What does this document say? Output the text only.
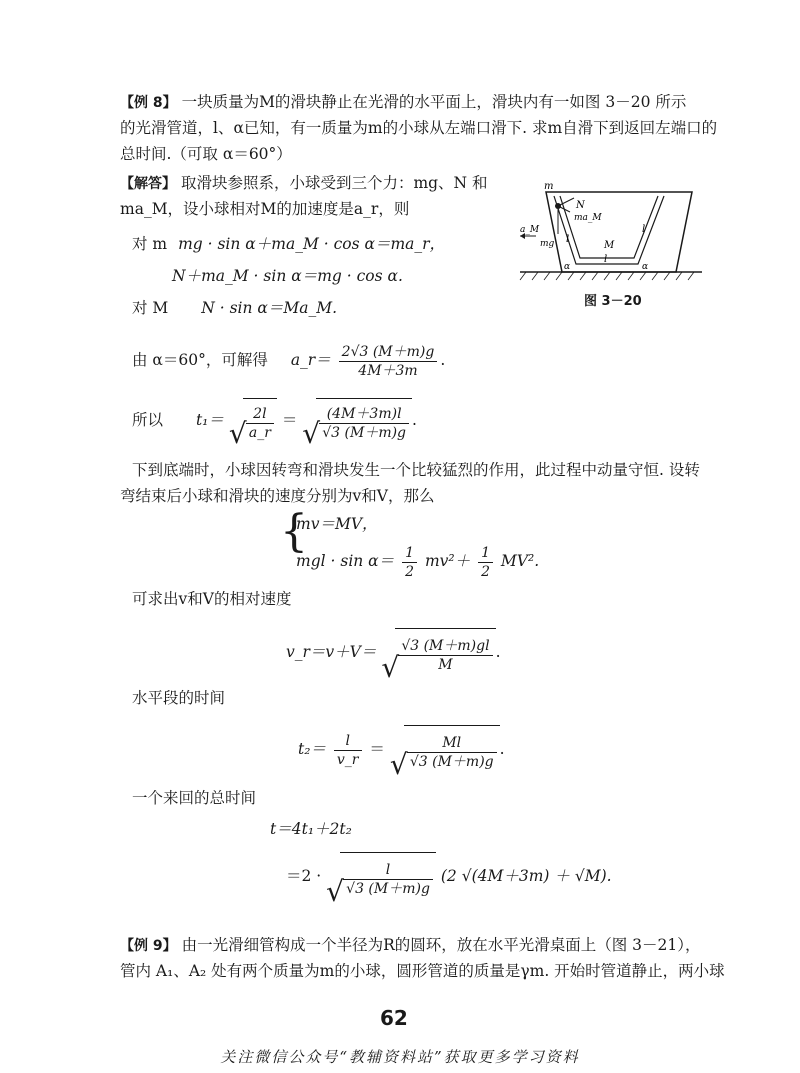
【例 8】 一块质量为M的滑块静止在光滑的水平面上，滑块内有一如图 3－20 所示
的光滑管道，l、α已知，有一质量为m的小球从左端口滑下. 求m自滑下到返回左端口的
总时间.（可取 α＝60°）
【解答】 取滑块参照系，小球受到三个力：mg、N 和
ma_M，设小球相对M的加速度是a_r，则
对 m mg · sin α＋ma_M · cos α＝ma_r，
N＋ma_M · sin α＝mg · cos α.
对 M N · sin α＝Ma_M.
由 α＝60°，可解得 a_r＝ $\frac{2√3 (M+m)g}{4M+3m}$ .
所以 t₁＝ √ $\frac{2l}{a\_r}$ ＝ √ $\frac{(4M+3m)l}{√3 (M+m)g}$ .
下到底端时，小球因转弯和滑块发生一个比较猛烈的作用，此过程中动量守恒. 设转
弯结束后小球和滑块的速度分别为v和V，那么
{
mv＝MV，
mgl · $\sin \alpha= \frac{1}{2} mv^2+ \frac{1}{2} MV^2$.
可求出v和V的相对速度
v_r＝v＋V＝ √ $\frac{√3 (M+m)gl}{M}$ .
水平段的时间
$t_2= \frac{l}{v\_r}$ ＝ √ $\frac{Ml}{√3 (M+m)g}$ .
一个来回的总时间
t＝4t₁＋2t₂
＝2 · √ $\frac{l}{√3 (M+m)g} (2$ √(4M＋3m) ＋ √M).
【例 9】 由一光滑细管构成一个半径为R的圆环，放在水平光滑桌面上（图 3－21），
管内 A₁、A₂ 处有两个质量为m的小球，圆形管道的质量是γm. 开始时管道静止，两小球
m
N
ma_M
a_M
mg l
M
l
l
α	α
图 3－20
62
关注微信公众号“教辅资料站”获取更多学习资料
